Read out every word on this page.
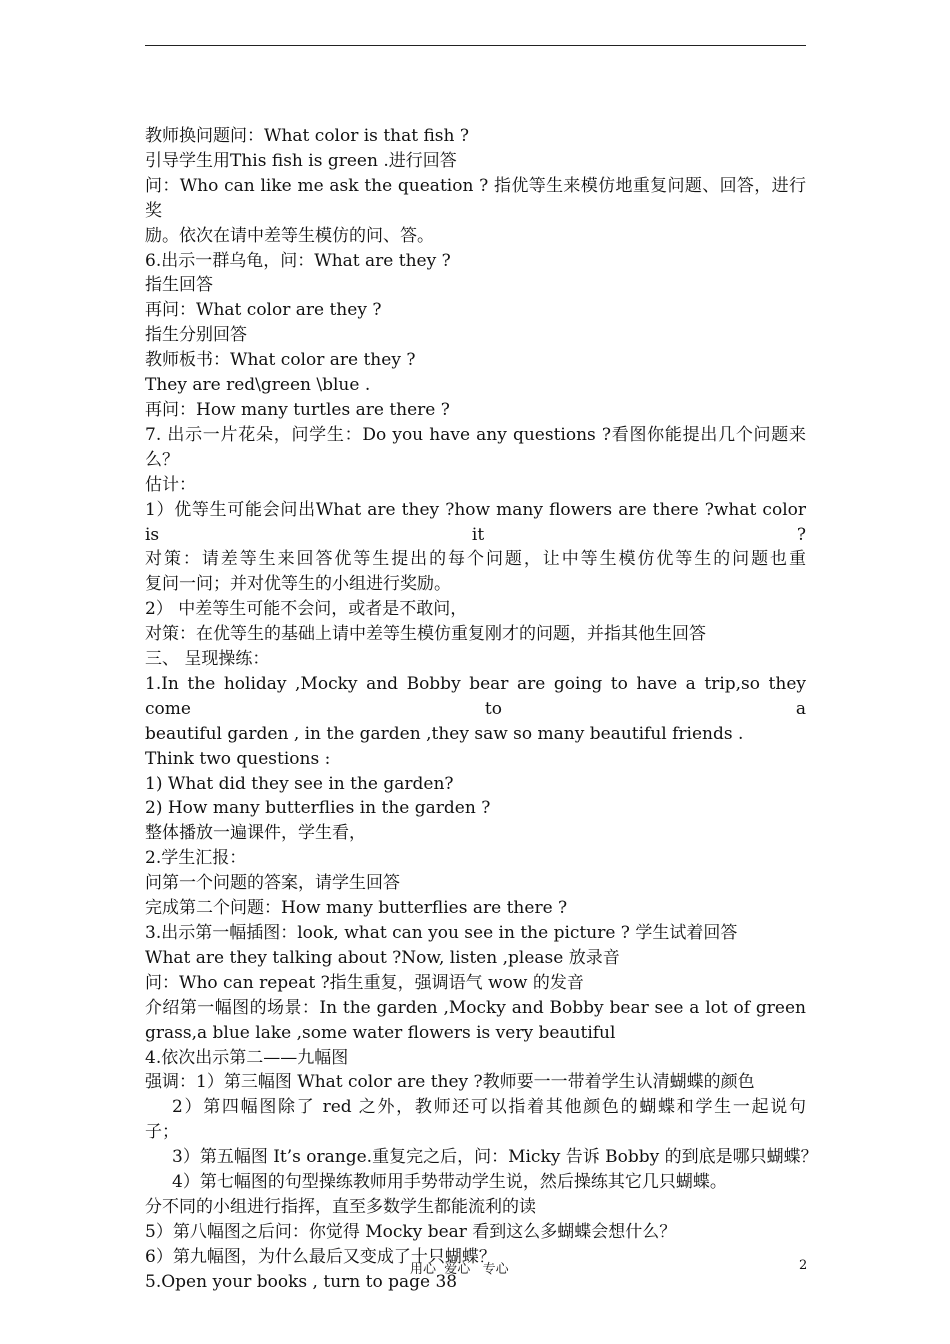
教师换问题问：What color is that fish ?
引导学生用This fish is green .进行回答
问：Who can like me ask the queation ? 指优等生来模仿地重复问题、回答，进行奖
励。依次在请中差等生模仿的问、答。
6.出示一群乌龟，问：What are they ?
指生回答
再问：What color are they ?
指生分别回答
教师板书：What color are they ?
They are red\green \blue .
再问：How many turtles are there ?
7. 出示一片花朵，问学生：Do you have any questions ?看图你能提出几个问题来
么？
估计：
1）优等生可能会问出What are they ?how many flowers are there ?what color is it ?
对策：请差等生来回答优等生提出的每个问题，让中等生模仿优等生的问题也重
复问一问；并对优等生的小组进行奖励。
2） 中差等生可能不会问，或者是不敢问，
对策：在优等生的基础上请中差等生模仿重复刚才的问题，并指其他生回答
三、 呈现操练：
1.In the holiday ,Mocky and Bobby bear are going to have a trip,so they come to a
beautiful garden , in the garden ,they saw so many beautiful friends .
Think two questions :
1) What did they see in the garden?
2) How many butterflies in the garden ?
整体播放一遍课件，学生看，
2.学生汇报：
问第一个问题的答案，请学生回答
完成第二个问题：How many butterflies are there ?
3.出示第一幅插图：look, what can you see in the picture ? 学生试着回答
What are they talking about ?Now, listen ,please 放录音
问：Who can repeat ?指生重复，强调语气 wow 的发音
介绍第一幅图的场景：In the garden ,Mocky and Bobby bear see a lot of green
grass,a blue lake ,some water flowers is very beautiful
4.依次出示第二——九幅图
强调：1）第三幅图 What color are they ?教师要一一带着学生认清蝴蝶的颜色
2）第四幅图除了 red 之外，教师还可以指着其他颜色的蝴蝶和学生一起说句
子；
3）第五幅图 It’s orange.重复完之后，问：Micky 告诉 Bobby 的到底是哪只蝴蝶？
4）第七幅图的句型操练教师用手势带动学生说，然后操练其它几只蝴蝶。
分不同的小组进行指挥，直至多数学生都能流利的读
5）第八幅图之后问：你觉得 Mocky bear 看到这么多蝴蝶会想什么？
6）第九幅图，为什么最后又变成了十只蝴蝶？
5.Open your books , turn to page 38
用心  爱心   专心	2
